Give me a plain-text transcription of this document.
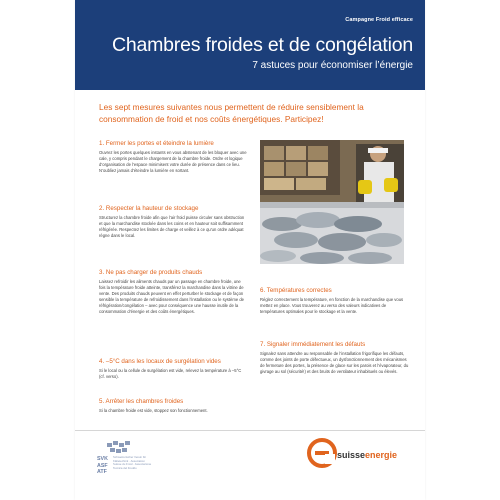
Campagne Froid efficace
Chambres froides et de congélation
7 astuces pour économiser l’énergie
Les sept mesures suivantes nous permettent de réduire sensiblement la consommation de froid et nos coûts énergétiques. Participez!
1. Fermer les portes et éteindre la lumière
Ouvrez les portes quelques instants en vous abstenant de les bloquer avec une cale, y compris pendant le chargement de la chambre froide. Ordre et logique d’organisation de l’espace minimisent votre durée de présence dans ce lieu. N’oubliez jamais d’éteindre la lumière en sortant.
2. Respecter la hauteur de stockage
Structurez la chambre froide afin que l’air froid puisse circuler sans obstruction et que la marchandise stockée dans les coins et en hauteur soit suffisamment réfrigérée. Respectez les limites de charge et veillez à ce qu’un ordre adéquat règne dans le local.
3. Ne pas charger de produits chauds
Laissez refroidir les aliments chauds par un passage en chambre froide, une fois la température froide atteinte, transférez la marchandise dans la vitrine de vente. Des produits chauds peuvent en effet perturber le stockage et de façon sensible la température de refroidissement dans l’installation ou le système de réfrigération/congélation – avec pour conséquence une hausse inutile de la consommation d’énergie et des coûts énergétiques.
4. –5°C dans les locaux de surgélation vides
Si le local ou la cellule de surgélation est vide, relevez la température à –5°C (cf. verso).
5. Arrêter les chambres froides
Si la chambre froide est vide, stoppez son fonctionnement.
6. Températures correctes
Réglez correctement la température, en fonction de la marchandise que vous mettez en place. Vous trouverez au verso des valeurs indicatives de températures optimales pour le stockage et la vente.
7. Signaler immédiatement les défauts
Signalez sans attendre au responsable de l’installation frigorifique les défauts, comme des joints de porte défectueux, un dysfonctionnement des mécanismes de fermeture des portes, la présence de glace sur les parois et l’évaporateur, du givrage au sol (sécurité!) et des bruits de ventilateur inhabituels ou élevés.
SVK
ASF
ATF
Schweizerischer Verein für Kältetechnik · Association Suisse du Froid · Associazione Tecnica del Freddo
suisseenergie
